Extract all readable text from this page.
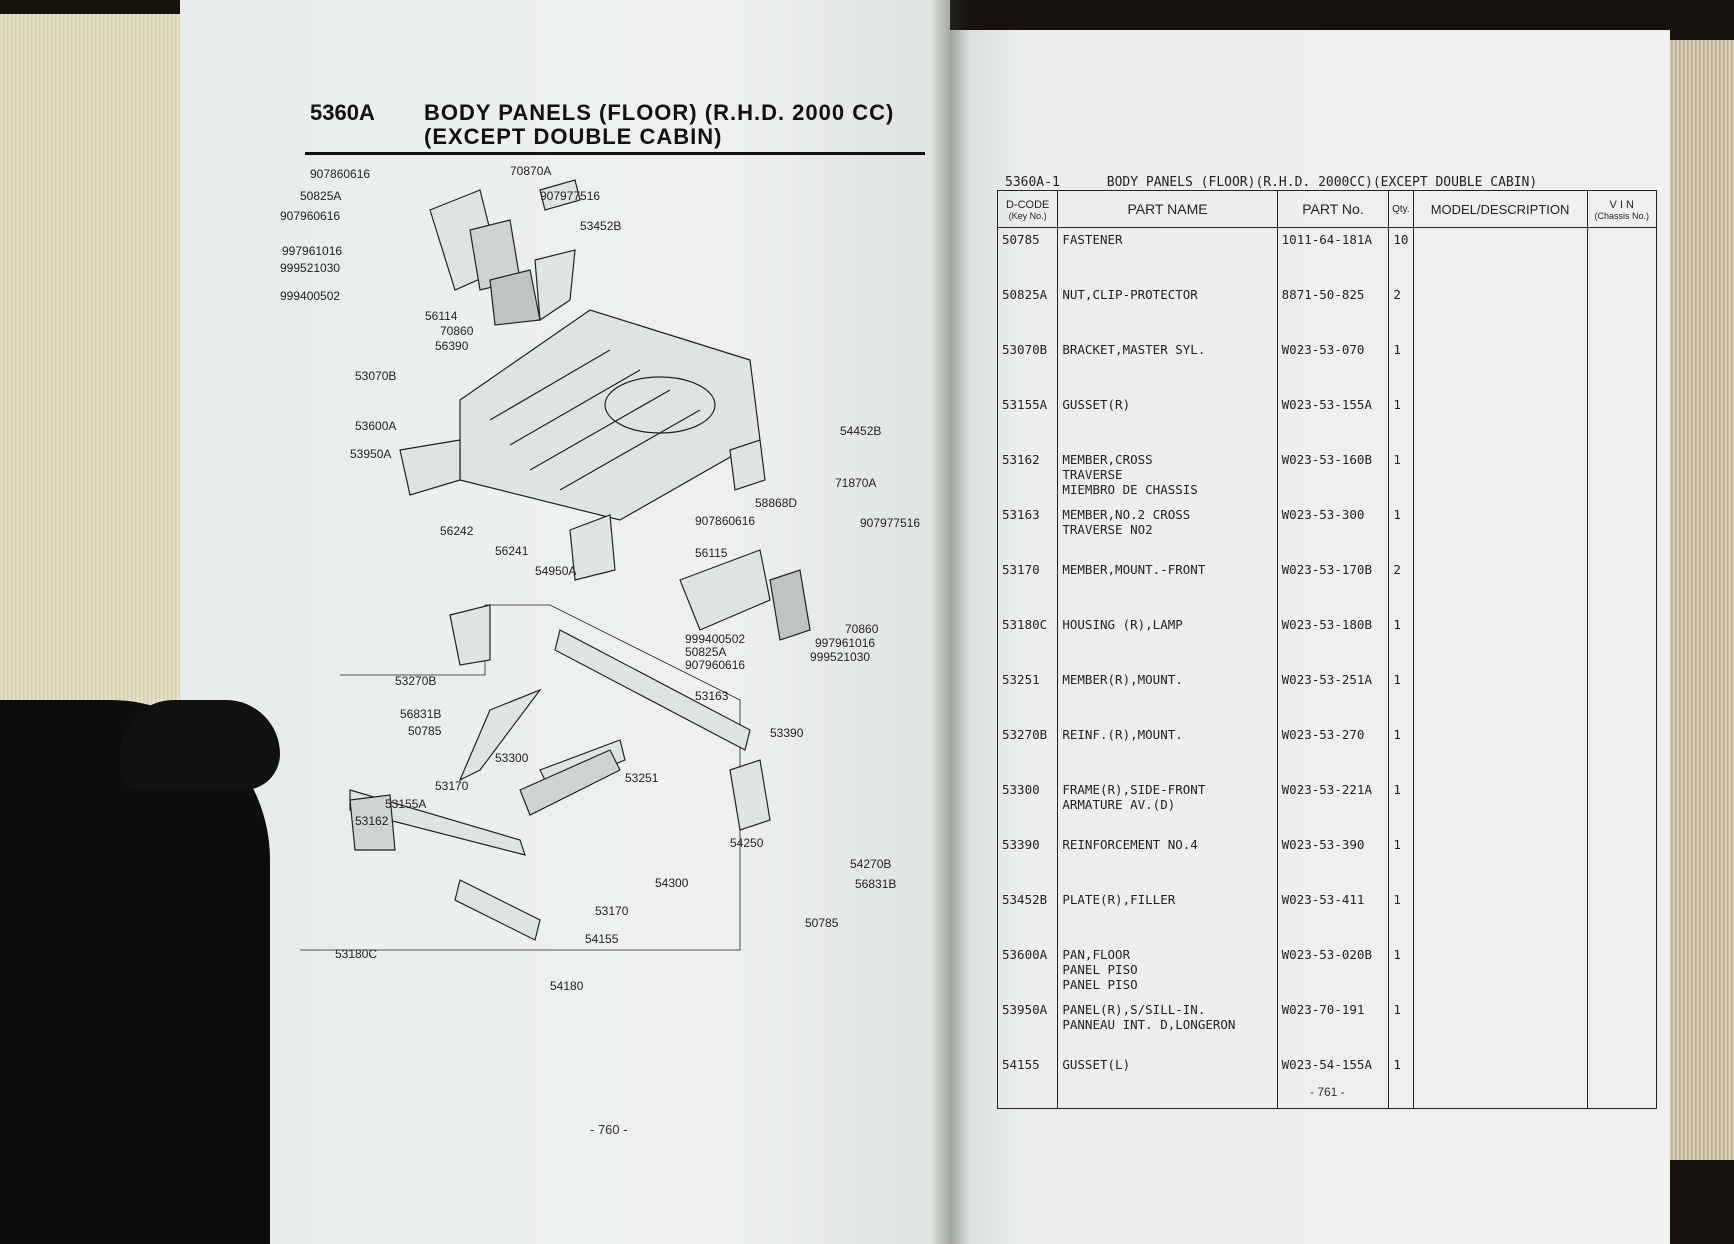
5360A BODY PANELS (FLOOR) (R.H.D. 2000 CC)
(EXCEPT DOUBLE CABIN)
907860616	70870A
50825A	907977516
907960616
53452B
997961016
999521030
999400502
56114
70860
56390
53070B
53600A	54452B
53950A
71870A
58868D
907860616	907977516
56242
56241	56115
54950A
70860
999400502	997961016
50825A	999521030
907960616
53270B
53163
56831B
50785	53390
53300
53251
53170
53155A
53162
54250
54270B
54300	56831B
53170
50785
54155
53180C
54180
- 760 -
5360A-1      BODY PANELS (FLOOR)(R.H.D. 2000CC)(EXCEPT DOUBLE CABIN)
D-CODE
(Key No.)	PART NAME	PART No.	Qty.	MODEL/DESCRIPTION	V I N
(Chassis No.)

50785	FASTENER	1011-64-181A	10		
50825A	NUT,CLIP-PROTECTOR	8871-50-825	2		
53070B	BRACKET,MASTER SYL.	W023-53-070	1		
53155A	GUSSET(R)	W023-53-155A	1		
53162	MEMBER,CROSS
TRAVERSE
MIEMBRO DE CHASSIS	W023-53-160B	1		
53163	MEMBER,NO.2 CROSS
TRAVERSE NO2	W023-53-300	1		
53170	MEMBER,MOUNT.-FRONT	W023-53-170B	2		
53180C	HOUSING (R),LAMP	W023-53-180B	1		
53251	MEMBER(R),MOUNT.	W023-53-251A	1		
53270B	REINF.(R),MOUNT.	W023-53-270	1		
53300	FRAME(R),SIDE-FRONT
ARMATURE AV.(D)	W023-53-221A	1		
53390	REINFORCEMENT NO.4	W023-53-390	1		
53452B	PLATE(R),FILLER	W023-53-411	1		
53600A	PAN,FLOOR
PANEL PISO
PANEL PISO	W023-53-020B	1		
53950A	PANEL(R),S/SILL-IN.
PANNEAU INT. D,LONGERON	W023-70-191	1		
54155	GUSSET(L)	W023-54-155A	1		
- 761 -
